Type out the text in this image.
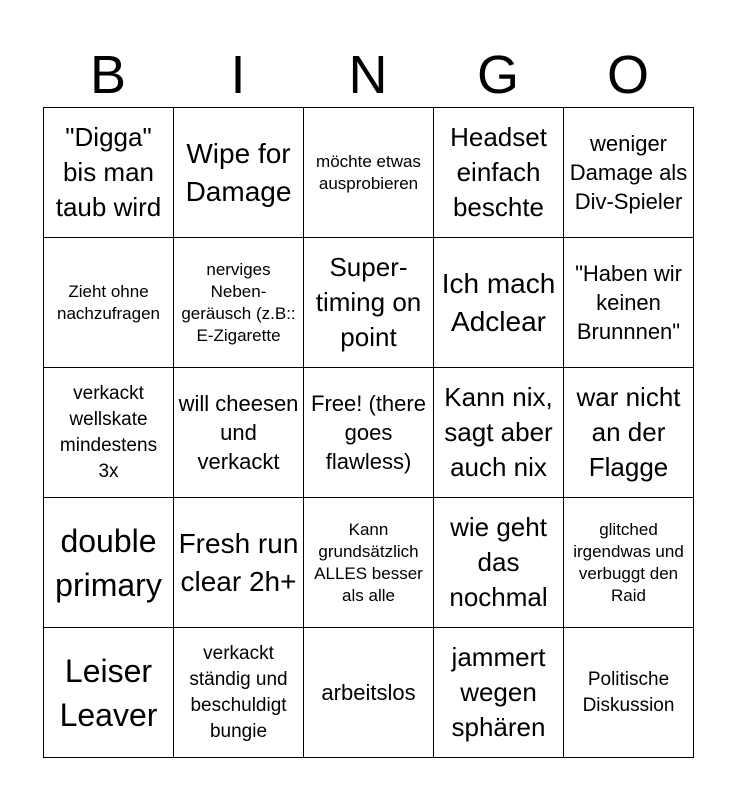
B	I	N	G	O
"Digga" bis man taub wird	Wipe for Damage	möchte etwas ausprobieren	Headset einfach beschte	weniger Damage als Div-Spieler

Zieht ohne nachzufragen	nerviges Neben-geräusch (z.B:: E-Zigarette	Super-timing on point	Ich mach Adclear	"Haben wir keinen Brunnnen"

verkackt wellskate mindestens 3x	will cheesen und verkackt	Free! (there goes flawless)	Kann nix, sagt aber auch nix	war nicht an der Flagge

double primary	Fresh run clear 2h+	Kann grundsätzlich ALLES besser als alle	wie geht das nochmal	glitched irgendwas und verbuggt den Raid

Leiser Leaver	verkackt ständig und beschuldigt bungie	arbeitslos	jammert wegen sphären	Politische Diskussion
